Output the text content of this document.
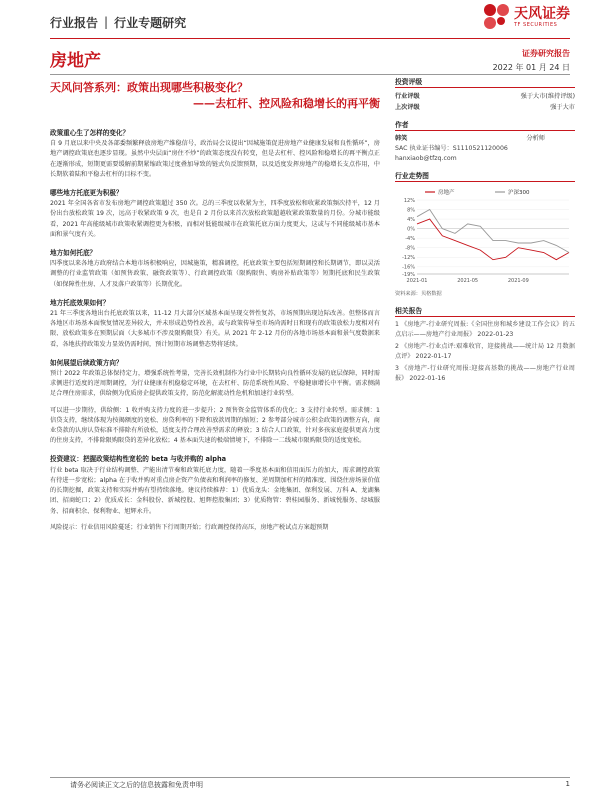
行业报告 | 行业专题研究
天风证券
TF SECURITIES
房地产	证券研究报告
2022 年 01 月 24 日
天风问答系列：政策出现哪些积极变化？
——去杠杆、控风险和稳增长的再平衡
政策重心生了怎样的变化？
自 9 月底以来中央及各部委频繁释放房地产维稳信号，政治局会议提出“因城施策促进房地产业健康发展和良性循环”，房地产调控政策底也逐步显现。虽然中央层面“房住不炒”的政策态度没有转变，但是去杠杆、控风险和稳增长的再平衡点正在逐渐形成，短期更需要缓解前期紧缩政策过度叠加导致的链式负反馈预期，以及适度发挥房地产的稳增长支点作用，中长期软着陆和平稳去杠杆的目标不变。
哪些地方托底更为积极？
2021 年全国各省市发布房地产调控政策超过 350 次。总的三季度以收紧为主，四季度放松和收紧政策频次持平，12 月份出台放松政策 19 次，远高于收紧政策 9 次，也是自 2 月份以来首次放松政策超越收紧政策数量的月份。分城市能级看，2021 年高能级城市政策收紧调控更为积极，而相对低能级城市在政策托底方面力度更大，这或与不同能级城市基本面和景气度有关。
地方如何托底？
四季度以来各地方政府结合本地市场积极响应，因城施策，精准调控，托底政策主要包括短期调控和长期调节，即以灵活调整的行业监管政策（如预售政策、融资政策等）、行政调控政策（限购限售、购房补贴政策等）短期托底和民生政策（如保障性住房、人才及落户政策等）长期优化。
地方托底效果如何？
21 年三季度各地出台托底政策以来，11-12 月大部分区域基本面呈现交替性复苏，市场预期出现边际改善。但整体而言各地区市场基本面恢复情况差异较大，并未形成趋势性改善，或与政策传导至市场尚需时日和现有的政策放松力度相对有限、放松政策多在预期层面（大多城市不涉及限购限贷）有关。从 2021 年 2-12 月份的各地市场基本面和景气度数据来看，各地扶持政策发力显效仍需时间，预计短期市场调整态势将延续。
如何展望后续政策方向？
预计 2022 年政策总体保持定力，增强系统性考量，完善长效机制作为行业中长期转向良性循环发展的底层保障，同时需求侧进行适度的逆周期调控，为行业健康有机稳稳定环境，在去杠杆、防范系统性风险、平稳健康增长中平衡。需求侧满足合理住房需求，供给侧为优质房企提供政策支持，防范化解流动性危机和加速行业转型。
可以进一步期待，供给侧：1 收并购支持力度的进一步提升；2 预售资金监管体系的优化；3 支持行业转型。需求侧：1 信贷支持，继续体现为按揭额度的宽松、房贷利率的下降和放款周期的缩短；2 参考部分城市公积金政策的调整方向，商业贷款的认房认贷标准不排除有所放松，适度支持合理改善型需求的释放；3 结合人口政策，针对多孩家庭提供更高力度的住房支持，不排除限购限贷的差异化放松；4 基本面失速的极端情境下，不排除一二线城市限购限贷的适度宽松。
投资建议：把握政策结构性宽松的 beta 与收并购的 alpha
行业 beta 取决于行业结构调整、产能出清节奏和政策托底力度，随着一季度基本面和信用面压力的加大，需求调控政策有待进一步宽松；alpha 在于收并购对重点房企资产负债表和利润率的修复、逆周期加杠杆的精准度、围绕住房场景价值的长期挖掘，政策支持和实际并购有望持续落地。建议持续推荐：1）优质龙头：金地集团、保利发展、万科 A、龙湖集团、招商蛇口；2）优质成长：金科股份、新城控股、旭辉控股集团；3）优质物管：碧桂园服务、新城悦服务、绿城服务、招商积余、保利物业、旭辉永升。
风险提示：行业信用风险蔓延；行业销售下行周期开始；行政调控保持高压，房地产税试点方案超预期
投资评级
行业评级	强于大市(维持评级)
上次评级	强于大市
作者
韩笑	分析师
SAC 执业证书编号：S1110521120006
hanxiaob@tfzq.com
行业走势图
12%
8%
4%
0%
-4%
-8%
-12%
-16%
-19%
2021-01	2021-05	2021-09
房地产	沪深300
资料来源：贝格数据
相关报告
1 《房地产-行业研究周报:《全国住房和城乡建设工作会议》的五点启示——房地产行业周报》 2022-01-23
2 《房地产-行业点评:艰难收官，迎接挑战——统计局 12 月数据点评》 2022-01-17
3 《房地产-行业研究周报:迎接高基数的挑战——房地产行业周报》 2022-01-16
请务必阅读正文之后的信息披露和免责申明	1
